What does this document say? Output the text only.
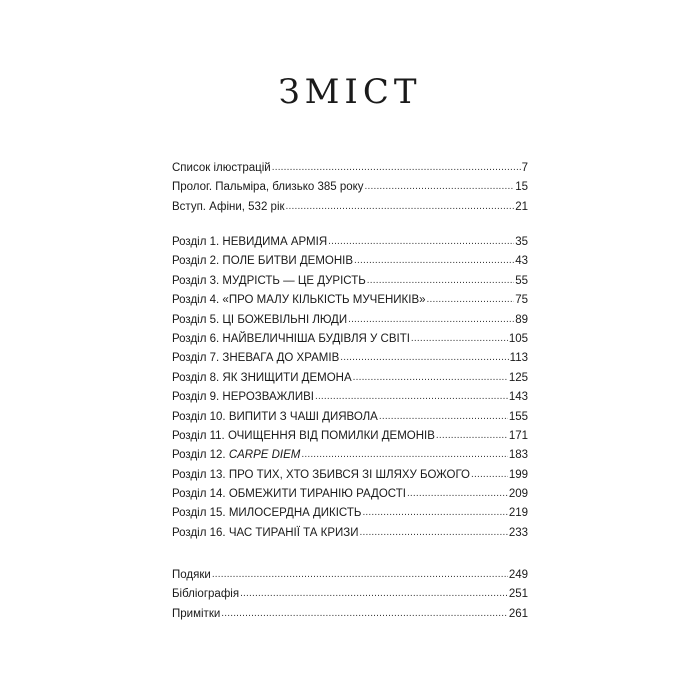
ЗМІСТ
Список ілюстрацій .....	7
Пролог. Пальміра, близько 385 року .....	15
Вступ. Афіни, 532 рік .....	21
Розділ 1. НЕВИДИМА АРМІЯ .....	35
Розділ 2. ПОЛЕ БИТВИ ДЕМОНІВ .....	43
Розділ 3. МУДРІСТЬ — ЦЕ ДУРІСТЬ .....	55
Розділ 4. «ПРО МАЛУ КІЛЬКІСТЬ МУЧЕНИКІВ» .....	75
Розділ 5. ЦІ БОЖЕВІЛЬНІ ЛЮДИ .....	89
Розділ 6. НАЙВЕЛИЧНІША БУДІВЛЯ У СВІТІ .....	105
Розділ 7. ЗНЕВАГА ДО ХРАМІВ .....	113
Розділ 8. ЯК ЗНИЩИТИ ДЕМОНА .....	125
Розділ 9. НЕРОЗВАЖЛИВІ .....	143
Розділ 10. ВИПИТИ З ЧАШІ ДИЯВОЛА .....	155
Розділ 11. ОЧИЩЕННЯ ВІД ПОМИЛКИ ДЕМОНІВ .....	171
Розділ 12. CARPE DIEM .....	183
Розділ 13. ПРО ТИХ, ХТО ЗБИВСЯ ЗІ ШЛЯХУ БОЖОГО .....	199
Розділ 14. ОБМЕЖИТИ ТИРАНІЮ РАДОСТІ .....	209
Розділ 15. МИЛОСЕРДНА ДИКІСТЬ .....	219
Розділ 16. ЧАС ТИРАНІЇ ТА КРИЗИ .....	233
Подяки .....	249
Бібліографія .....	251
Примітки .....	261
